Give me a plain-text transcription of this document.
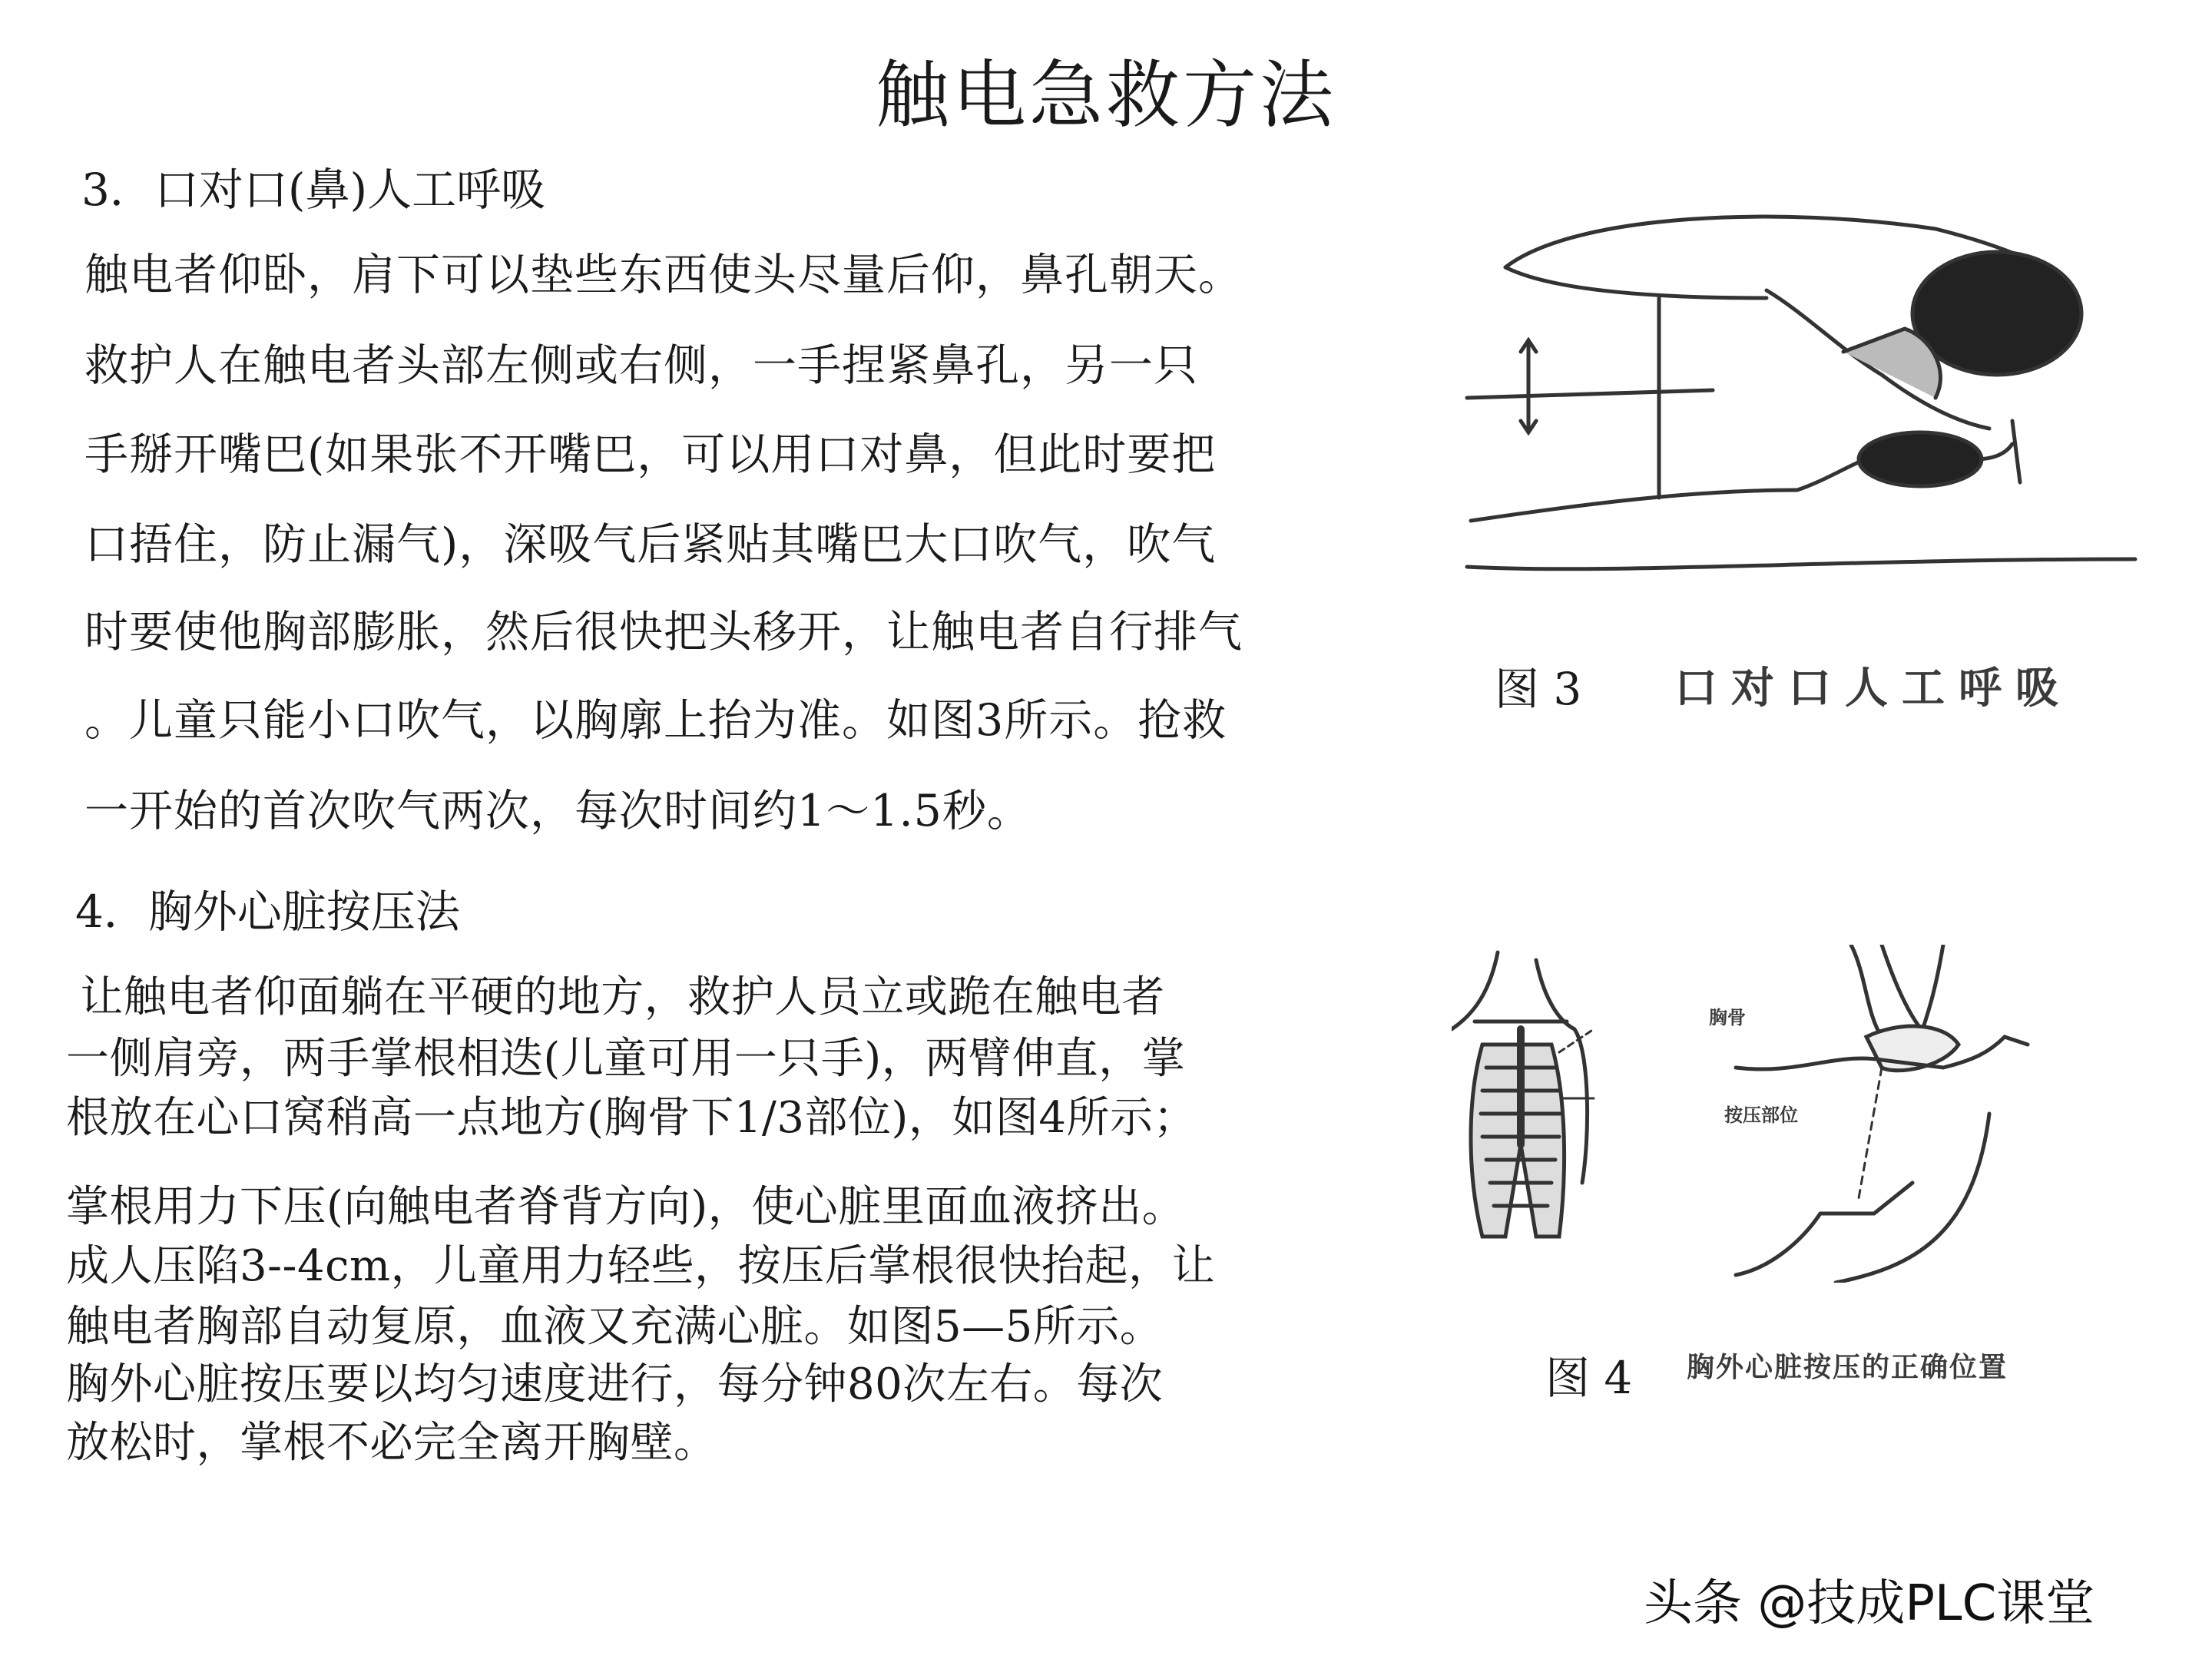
触电急救方法
3．口对口(鼻)人工呼吸
触电者仰卧，肩下可以垫些东西使头尽量后仰，鼻孔朝天。
救护人在触电者头部左侧或右侧，一手捏紧鼻孔，另一只
手掰开嘴巴(如果张不开嘴巴，可以用口对鼻，但此时要把
口捂住，防止漏气)，深吸气后紧贴其嘴巴大口吹气，吹气
时要使他胸部膨胀，然后很快把头移开，让触电者自行排气
。儿童只能小口吹气，以胸廓上抬为准。如图3所示。抢救
一开始的首次吹气两次，每次时间约1～1.5秒。
4．胸外心脏按压法
让触电者仰面躺在平硬的地方，救护人员立或跪在触电者
一侧肩旁，两手掌根相迭(儿童可用一只手)，两臂伸直，掌
根放在心口窝稍高一点地方(胸骨下1/3部位)，如图4所示；
掌根用力下压(向触电者脊背方向)，使心脏里面血液挤出。
成人压陷3--4cm，儿童用力轻些，按压后掌根很快抬起，让
触电者胸部自动复原，血液又充满心脏。如图5—5所示。
胸外心脏按压要以均匀速度进行，每分钟80次左右。每次
放松时，掌根不必完全离开胸壁。
图 3 口对口人工呼吸
胸骨
按压部位
图 4 胸外心脏按压的正确位置
头条 @技成PLC课堂
